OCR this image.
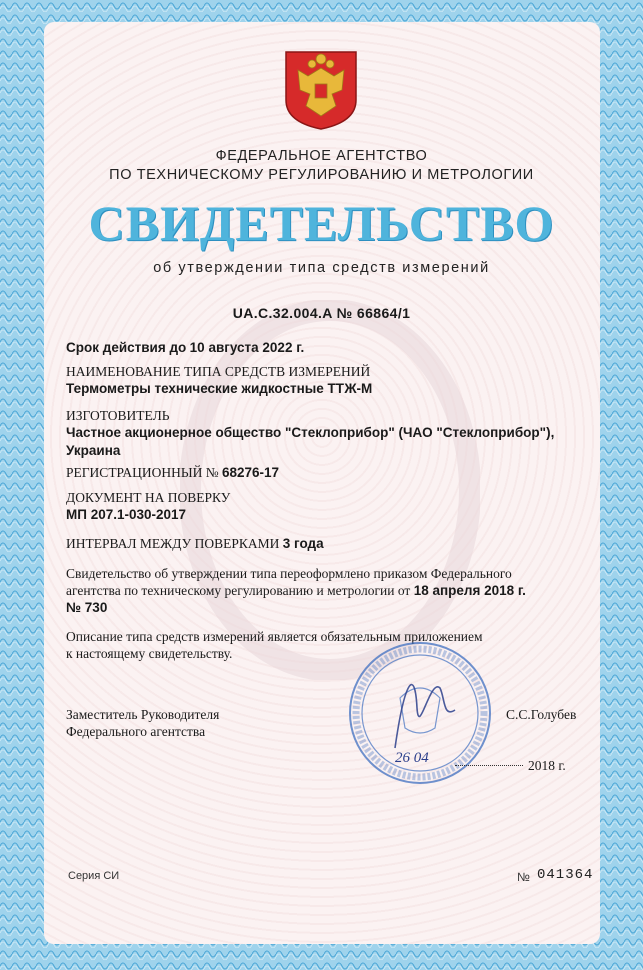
ФЕДЕРАЛЬНОЕ АГЕНТСТВО
ПО ТЕХНИЧЕСКОМУ РЕГУЛИРОВАНИЮ И МЕТРОЛОГИИ
СВИДЕТЕЛЬСТВО
об утверждении типа средств измерений
UA.C.32.004.A № 66864/1
Срок действия до 10 августа 2022 г.
НАИМЕНОВАНИЕ ТИПА СРЕДСТВ ИЗМЕРЕНИЙ
Термометры технические жидкостные ТТЖ-М
ИЗГОТОВИТЕЛЬ
Частное акционерное общество "Стеклоприбор" (ЧАО "Стеклоприбор"),
Украина
РЕГИСТРАЦИОННЫЙ № 68276-17
ДОКУМЕНТ НА ПОВЕРКУ
МП 207.1-030-2017
ИНТЕРВАЛ МЕЖДУ ПОВЕРКАМИ 3 года
Свидетельство об утверждении типа переоформлено приказом Федерального
агентства по техническому регулированию и метрологии от 18 апреля 2018 г.
№ 730
Описание типа средств измерений является обязательным приложением
к настоящему свидетельству.
Заместитель Руководителя
Федерального агентства
С.С.Голубев
26 04	2018 г.
Серия СИ	№ 041364
